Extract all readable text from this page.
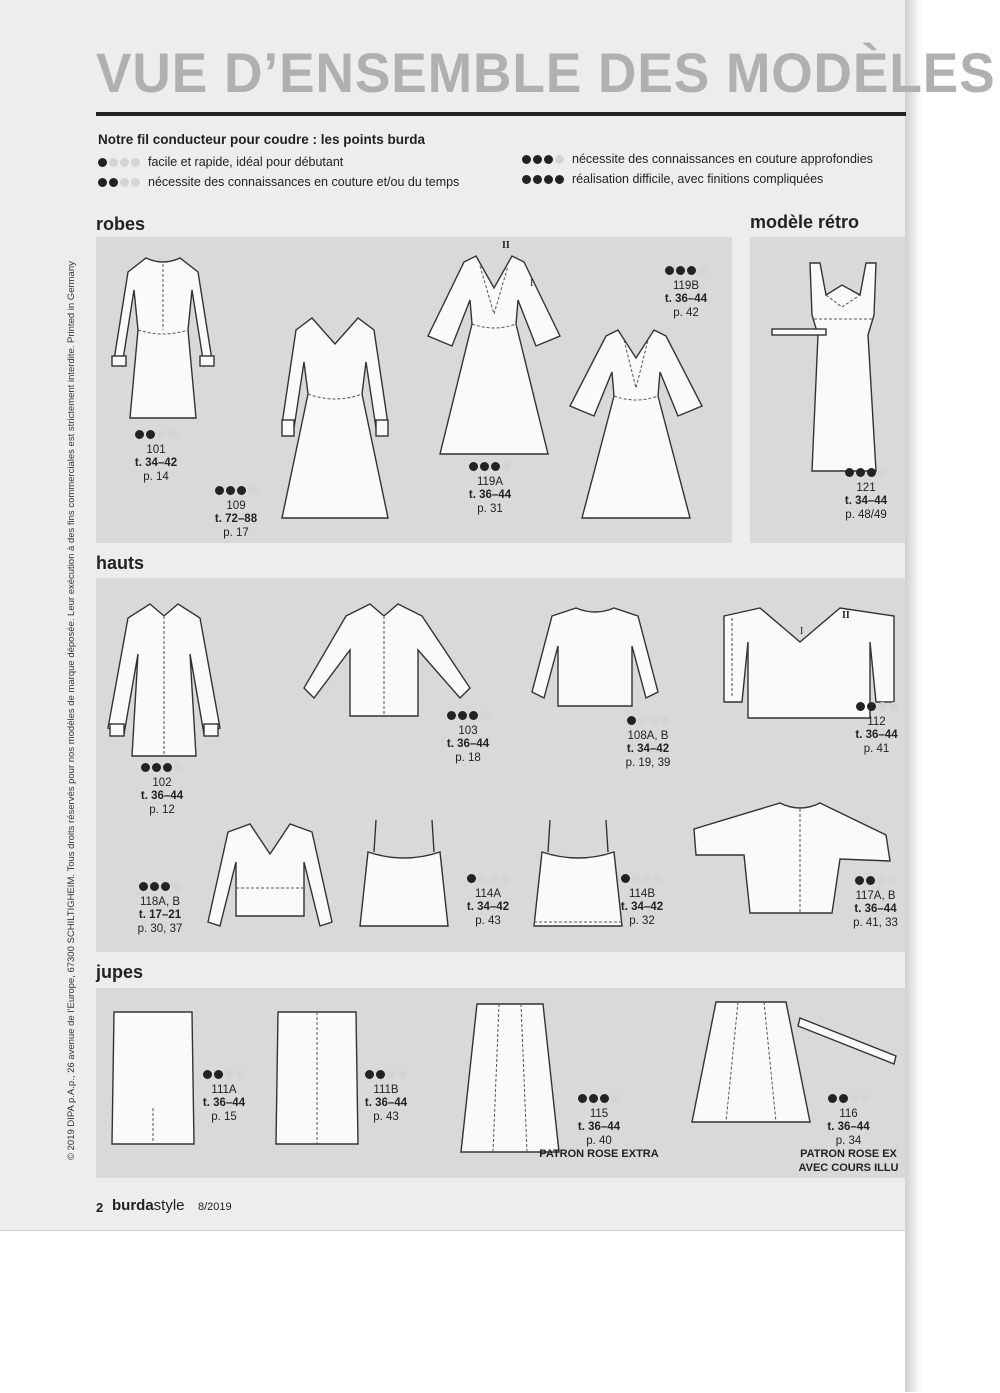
VUE D’ENSEMBLE DES MODÈLES
© 2019 DIPA p.A.p., 26 avenue de l’Europe, 67300 SCHILTIGHEIM. Tous droits réservés pour nos modèles de marque déposée. Leur exécution à des fins commerciales est strictement interdite. Printed in Germany
Notre fil conducteur pour coudre : les points burda
facile et rapide, idéal pour débutant
nécessite des connaissances en couture et/ou du temps
nécessite des connaissances en couture approfondies
réalisation difficile, avec finitions compliquées
robes	modèle rétro
101
t. 34–42
p. 14
109
t. 72–88
p. 17
119A
t. 36–44
p. 31
119B
t. 36–44
p. 42
121
t. 34–44
p. 48/49
II
I
hauts
102
t. 36–44
p. 12
103
t. 36–44
p. 18
108A, B
t. 34–42
p. 19, 39
112
t. 36–44
p. 41
118A, B
t. 17–21
p. 30, 37
114A
t. 34–42
p. 43
114B
t. 34–42
p. 32
117A, B
t. 36–44
p. 41, 33
II
I
jupes
111A
t. 36–44
p. 15
111B
t. 36–44
p. 43	115
t. 36–44
p. 40
PATRON ROSE EXTRA
116
t. 36–44
p. 34
PATRON ROSE EX
AVEC COURS ILLU
2 burdastyle 8/2019
